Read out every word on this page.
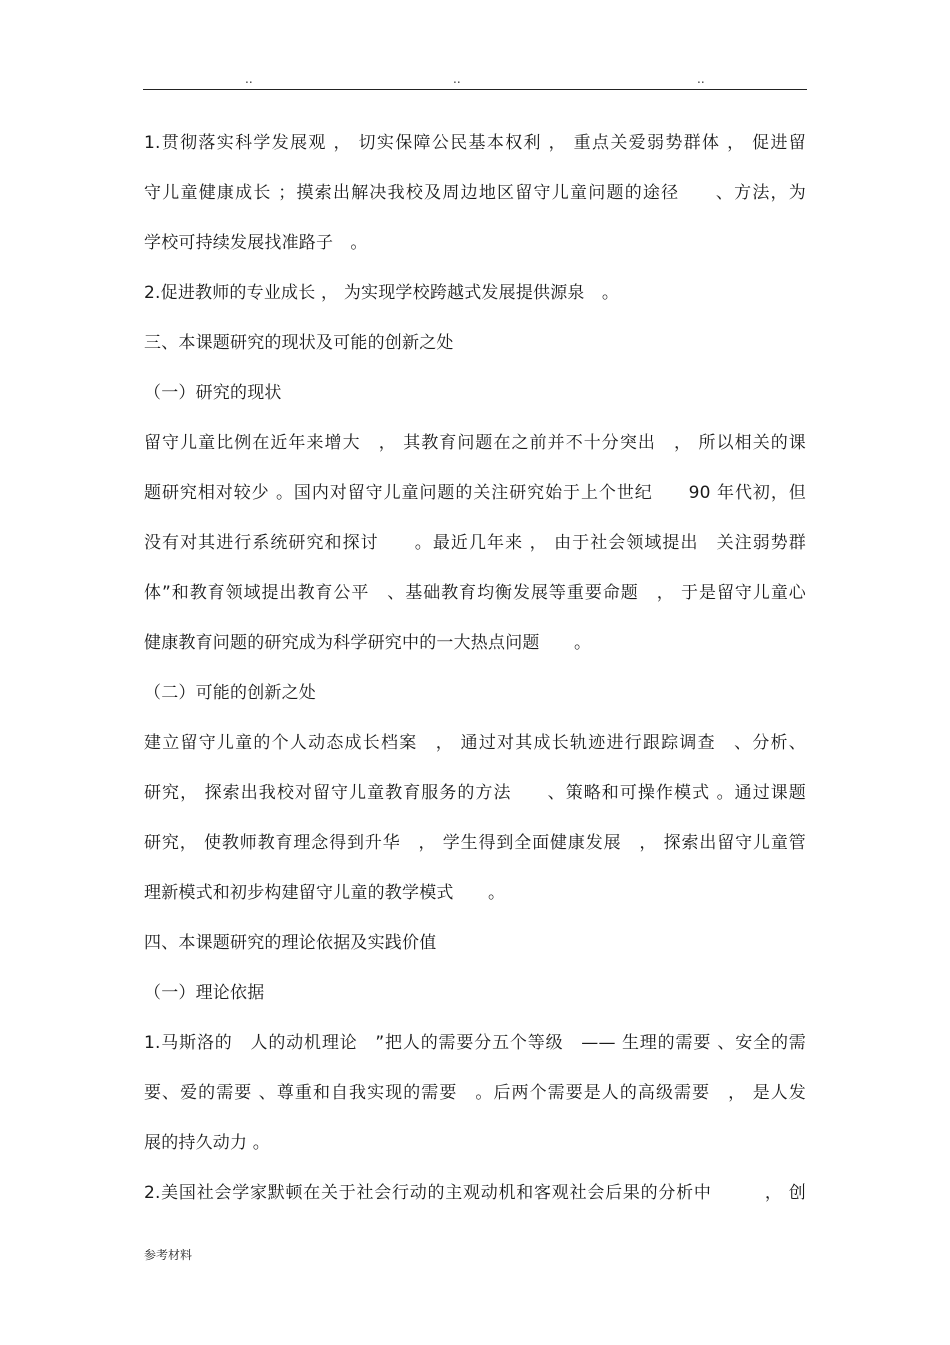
..	..	..
1.贯彻落实科学发展观 ， 切实保障公民基本权利 ， 重点关爱弱势群体 ， 促进留
守儿童健康成长 ；摸索出解决我校及周边地区留守儿童问题的途径　　、方法，为
学校可持续发展找准路子　。
2.促进教师的专业成长 ， 为实现学校跨越式发展提供源泉　。
三、本课题研究的现状及可能的创新之处
（一）研究的现状
留守儿童比例在近年来增大　， 其教育问题在之前并不十分突出　， 所以相关的课
题研究相对较少 。国内对留守儿童问题的关注研究始于上个世纪　　90 年代初，但
没有对其进行系统研究和探讨　　。最近几年来 ， 由于社会领域提出　关注弱势群
体”和教育领域提出教育公平　、基础教育均衡发展等重要命题　， 于是留守儿童心
健康教育问题的研究成为科学研究中的一大热点问题　　。
（二）可能的创新之处
建立留守儿童的个人动态成长档案　， 通过对其成长轨迹进行跟踪调查　、分析、
研究， 探索出我校对留守儿童教育服务的方法　　、策略和可操作模式 。通过课题
研究， 使教师教育理念得到升华　， 学生得到全面健康发展　， 探索出留守儿童管
理新模式和初步构建留守儿童的教学模式　　。
四、本课题研究的理论依据及实践价值
（一）理论依据
1.马斯洛的　人的动机理论　”把人的需要分五个等级　—— 生理的需要 、安全的需
要、爱的需要 、尊重和自我实现的需要　。后两个需要是人的高级需要　， 是人发
展的持久动力 。
2.美国社会学家默顿在关于社会行动的主观动机和客观社会后果的分析中　　　， 创
参考材料
